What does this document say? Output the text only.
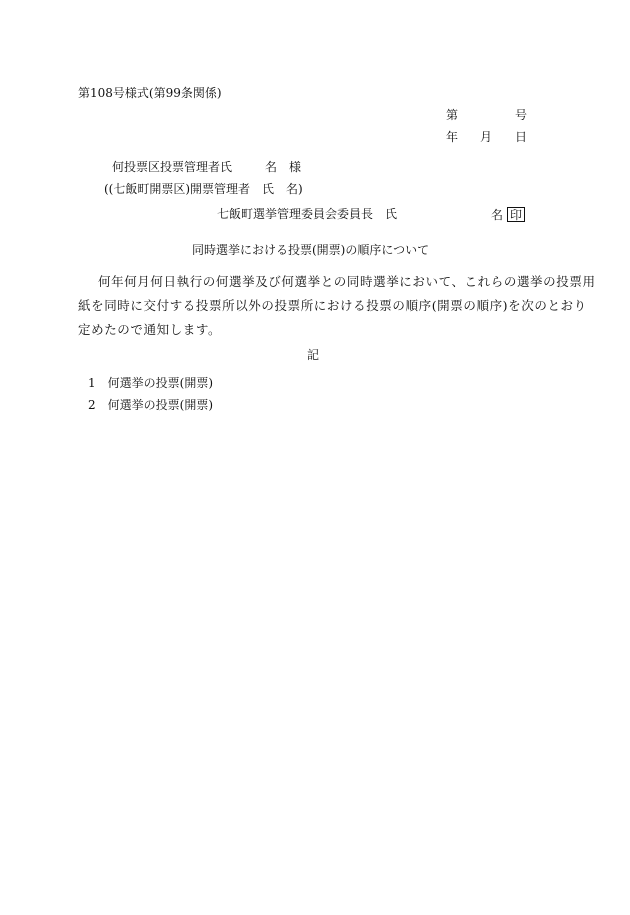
第108号様式(第99条関係)
第	号
年 月 日
何投票区投票管理者氏	名　様
((七飯町開票区)開票管理者　氏　名)
七飯町選挙管理委員会委員長　氏	名 印
同時選挙における投票(開票)の順序について
何年何月何日執行の何選挙及び何選挙との同時選挙において、これらの選挙の投票用
紙を同時に交付する投票所以外の投票所における投票の順序(開票の順序)を次のとおり
定めたので通知します。
記
1 何選挙の投票(開票)
2 何選挙の投票(開票)
